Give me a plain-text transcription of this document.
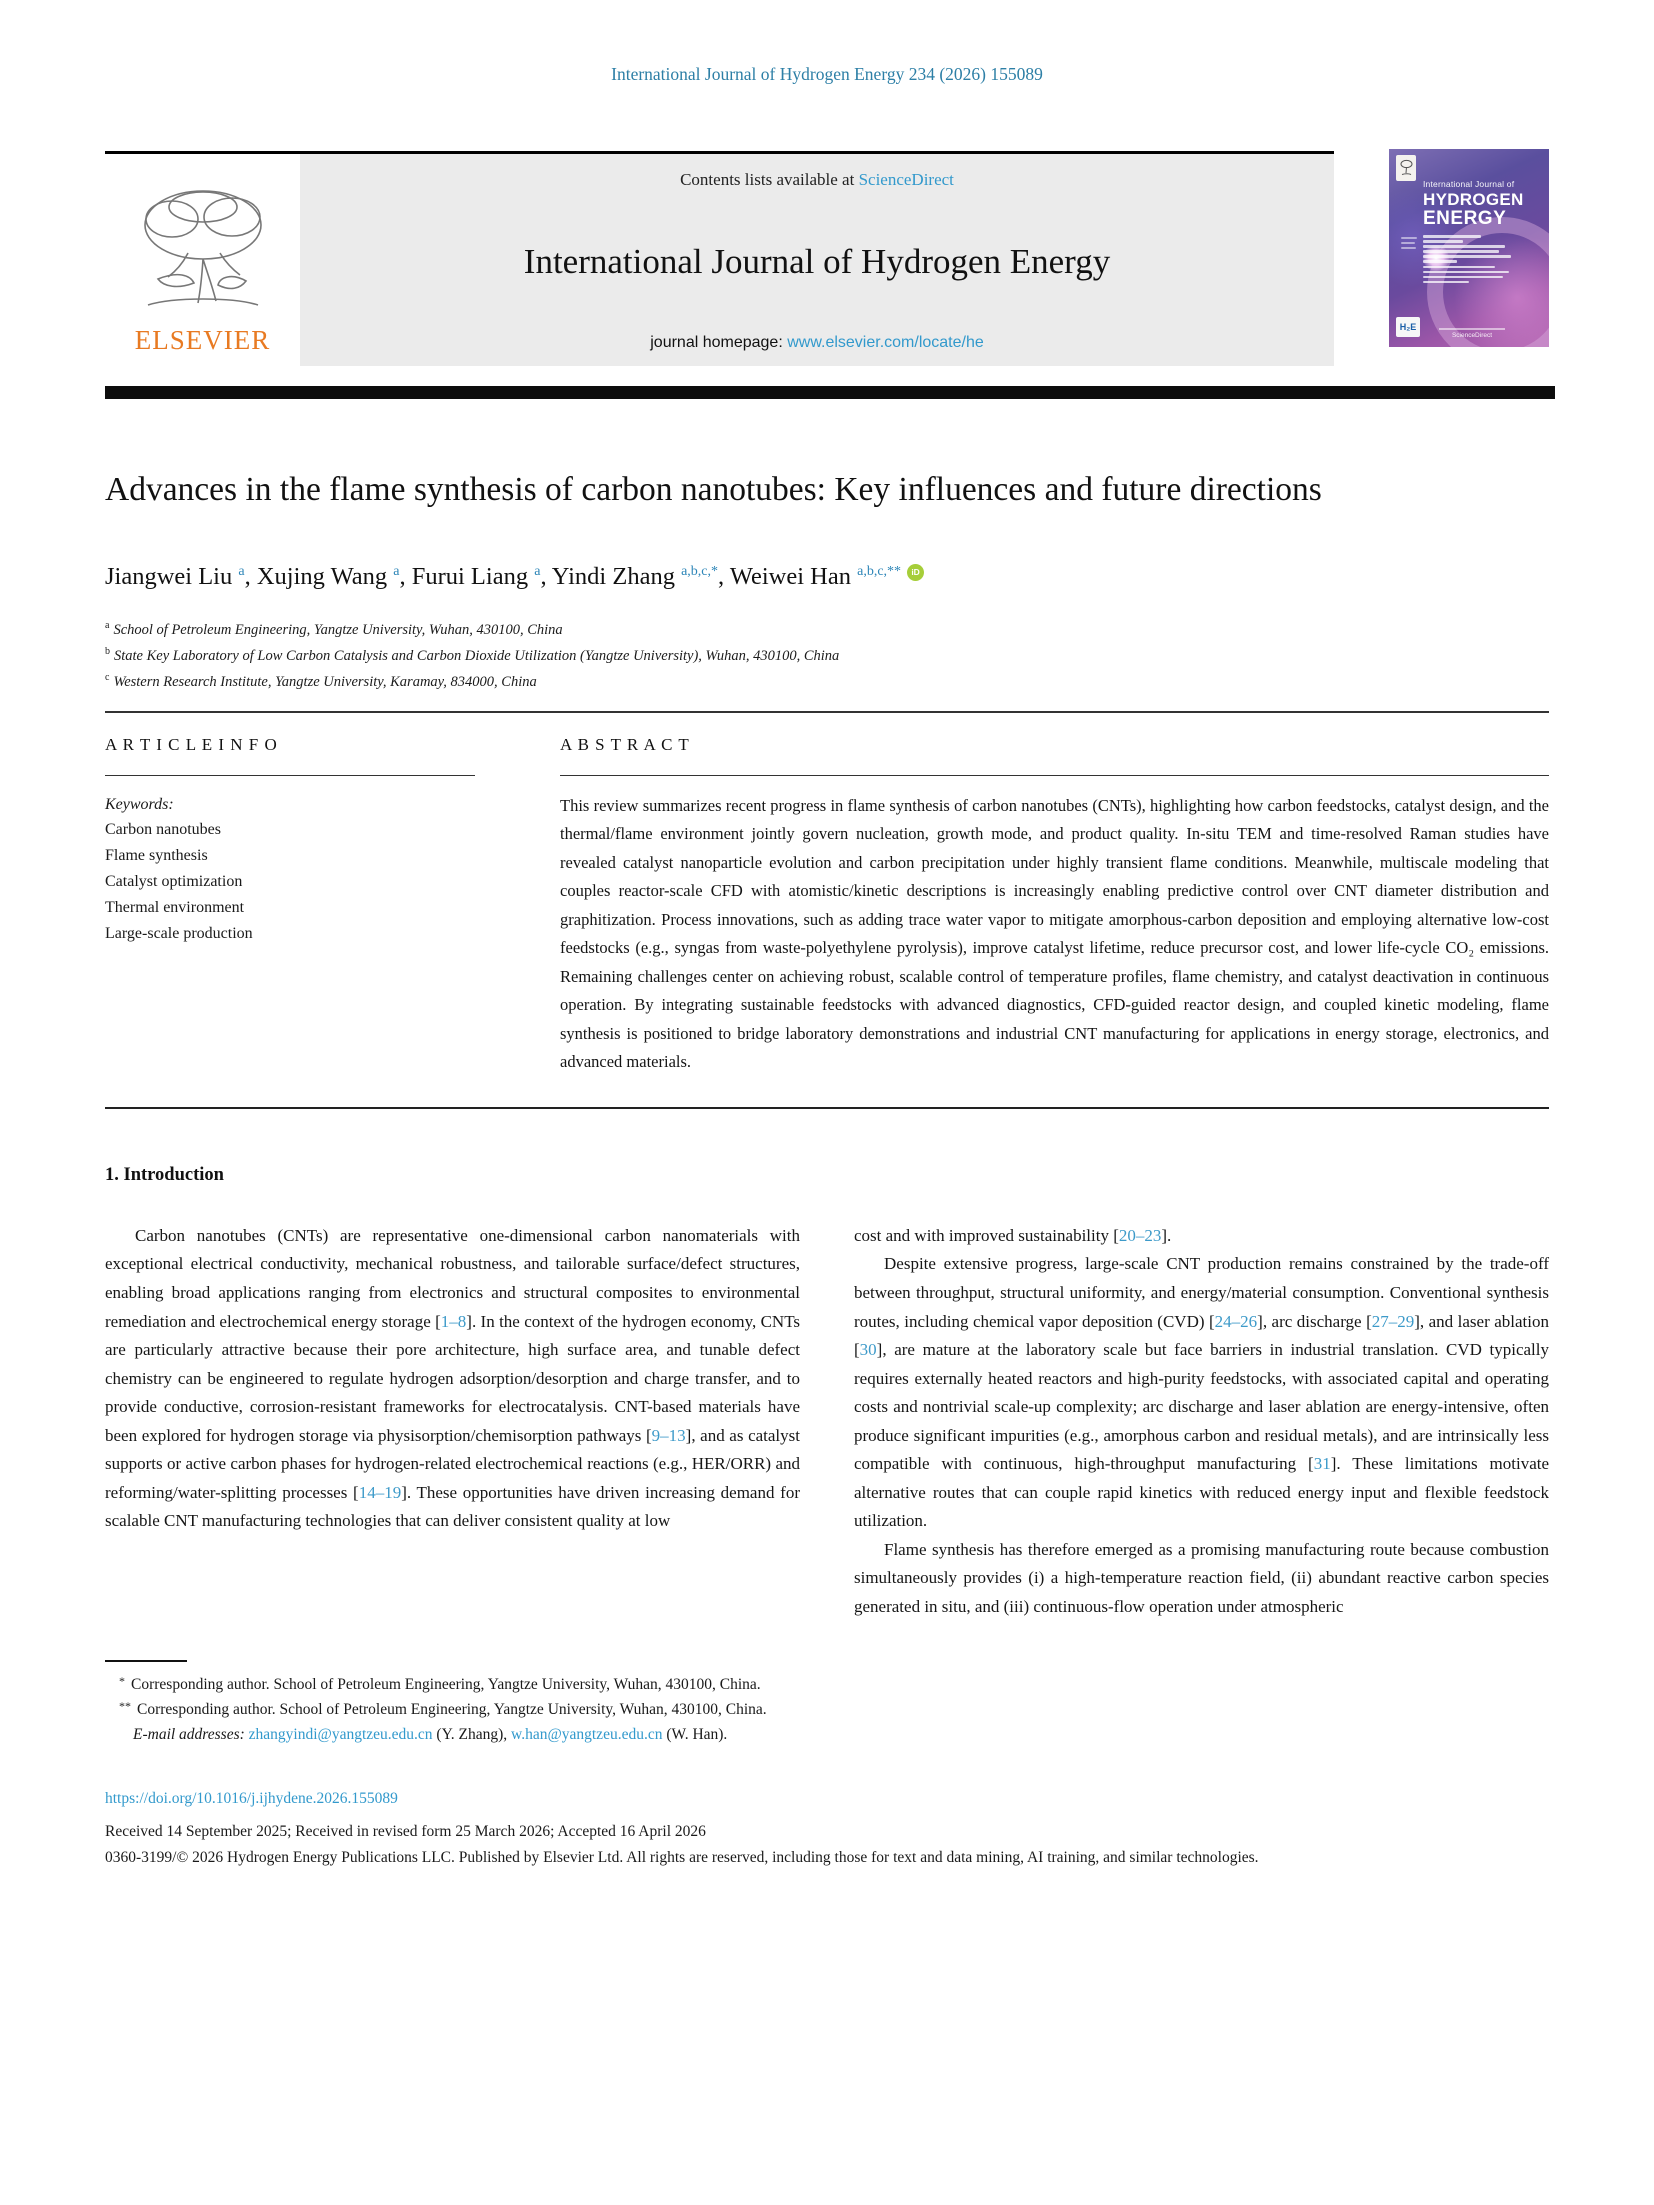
International Journal of Hydrogen Energy 234 (2026) 155089
ELSEVIER
Contents lists available at ScienceDirect
International Journal of Hydrogen Energy
journal homepage: www.elsevier.com/locate/he
International Journal of
HYDROGEN
ENERGY
H₂E
ScienceDirect
Advances in the flame synthesis of carbon nanotubes: Key influences and future directions
Jiangwei Liu $^a$, Xujing Wang $^a$, Furui Liang $^a$, Yindi Zhang $^{a,b,c,*}$, Weiwei Han $^{a,b,c,**}$ iD
$^a$ School of Petroleum Engineering, Yangtze University, Wuhan, 430100, China
$^b$ State Key Laboratory of Low Carbon Catalysis and Carbon Dioxide Utilization (Yangtze University), Wuhan, 430100, China
$^c$ Western Research Institute, Yangtze University, Karamay, 834000, China
A R T I C L E I N F O
Keywords:
Carbon nanotubes
Flame synthesis
Catalyst optimization
Thermal environment
Large-scale production
A B S T R A C T
This review summarizes recent progress in flame synthesis of carbon nanotubes (CNTs), highlighting how carbon feedstocks, catalyst design, and the thermal/flame environment jointly govern nucleation, growth mode, and product quality. In-situ TEM and time-resolved Raman studies have revealed catalyst nanoparticle evolution and carbon precipitation under highly transient flame conditions. Meanwhile, multiscale modeling that couples reactor-scale CFD with atomistic/kinetic descriptions is increasingly enabling predictive control over CNT diameter distribution and graphitization. Process innovations, such as adding trace water vapor to mitigate amorphous-carbon deposition and employing alternative low-cost feedstocks (e.g., syngas from waste-polyethylene pyrolysis), improve catalyst lifetime, reduce precursor cost, and lower life-cycle CO₂ emissions. Remaining challenges center on achieving robust, scalable control of temperature profiles, flame chemistry, and catalyst deactivation in continuous operation. By integrating sustainable feedstocks with advanced diagnostics, CFD-guided reactor design, and coupled kinetic modeling, flame synthesis is positioned to bridge laboratory demonstrations and industrial CNT manufacturing for applications in energy storage, electronics, and advanced materials.
1. Introduction

Carbon nanotubes (CNTs) are representative one-dimensional carbon nanomaterials with exceptional electrical conductivity, mechanical robustness, and tailorable surface/defect structures, enabling broad applications ranging from electronics and structural composites to environmental remediation and electrochemical energy storage [1–8]. In the context of the hydrogen economy, CNTs are particularly attractive because their pore architecture, high surface area, and tunable defect chemistry can be engineered to regulate hydrogen adsorption/desorption and charge transfer, and to provide conductive, corrosion-resistant frameworks for electrocatalysis. CNT-based materials have been explored for hydrogen storage via physisorption/chemisorption pathways [9–13], and as catalyst supports or active carbon phases for hydrogen-related electrochemical reactions (e.g., HER/ORR) and reforming/water-splitting processes [14–19]. These opportunities have driven increasing demand for scalable CNT manufacturing technologies that can deliver consistent quality at low

cost and with improved sustainability [20–23].

Despite extensive progress, large-scale CNT production remains constrained by the trade-off between throughput, structural uniformity, and energy/material consumption. Conventional synthesis routes, including chemical vapor deposition (CVD) [24–26], arc discharge [27–29], and laser ablation [30], are mature at the laboratory scale but face barriers in industrial translation. CVD typically requires externally heated reactors and high-purity feedstocks, with associated capital and operating costs and nontrivial scale-up complexity; arc discharge and laser ablation are energy-intensive, often produce significant impurities (e.g., amorphous carbon and residual metals), and are intrinsically less compatible with continuous, high-throughput manufacturing [31]. These limitations motivate alternative routes that can couple rapid kinetics with reduced energy input and flexible feedstock utilization.

Flame synthesis has therefore emerged as a promising manufacturing route because combustion simultaneously provides (i) a high-temperature reaction field, (ii) abundant reactive carbon species generated in situ, and (iii) continuous-flow operation under atmospheric

* Corresponding author. School of Petroleum Engineering, Yangtze University, Wuhan, 430100, China.
** Corresponding author. School of Petroleum Engineering, Yangtze University, Wuhan, 430100, China.
E-mail addresses: zhangyindi@yangtzeu.edu.cn (Y. Zhang), w.han@yangtzeu.edu.cn (W. Han).
https://doi.org/10.1016/j.ijhydene.2026.155089
Received 14 September 2025; Received in revised form 25 March 2026; Accepted 16 April 2026
0360-3199/© 2026 Hydrogen Energy Publications LLC. Published by Elsevier Ltd. All rights are reserved, including those for text and data mining, AI training, and similar technologies.
